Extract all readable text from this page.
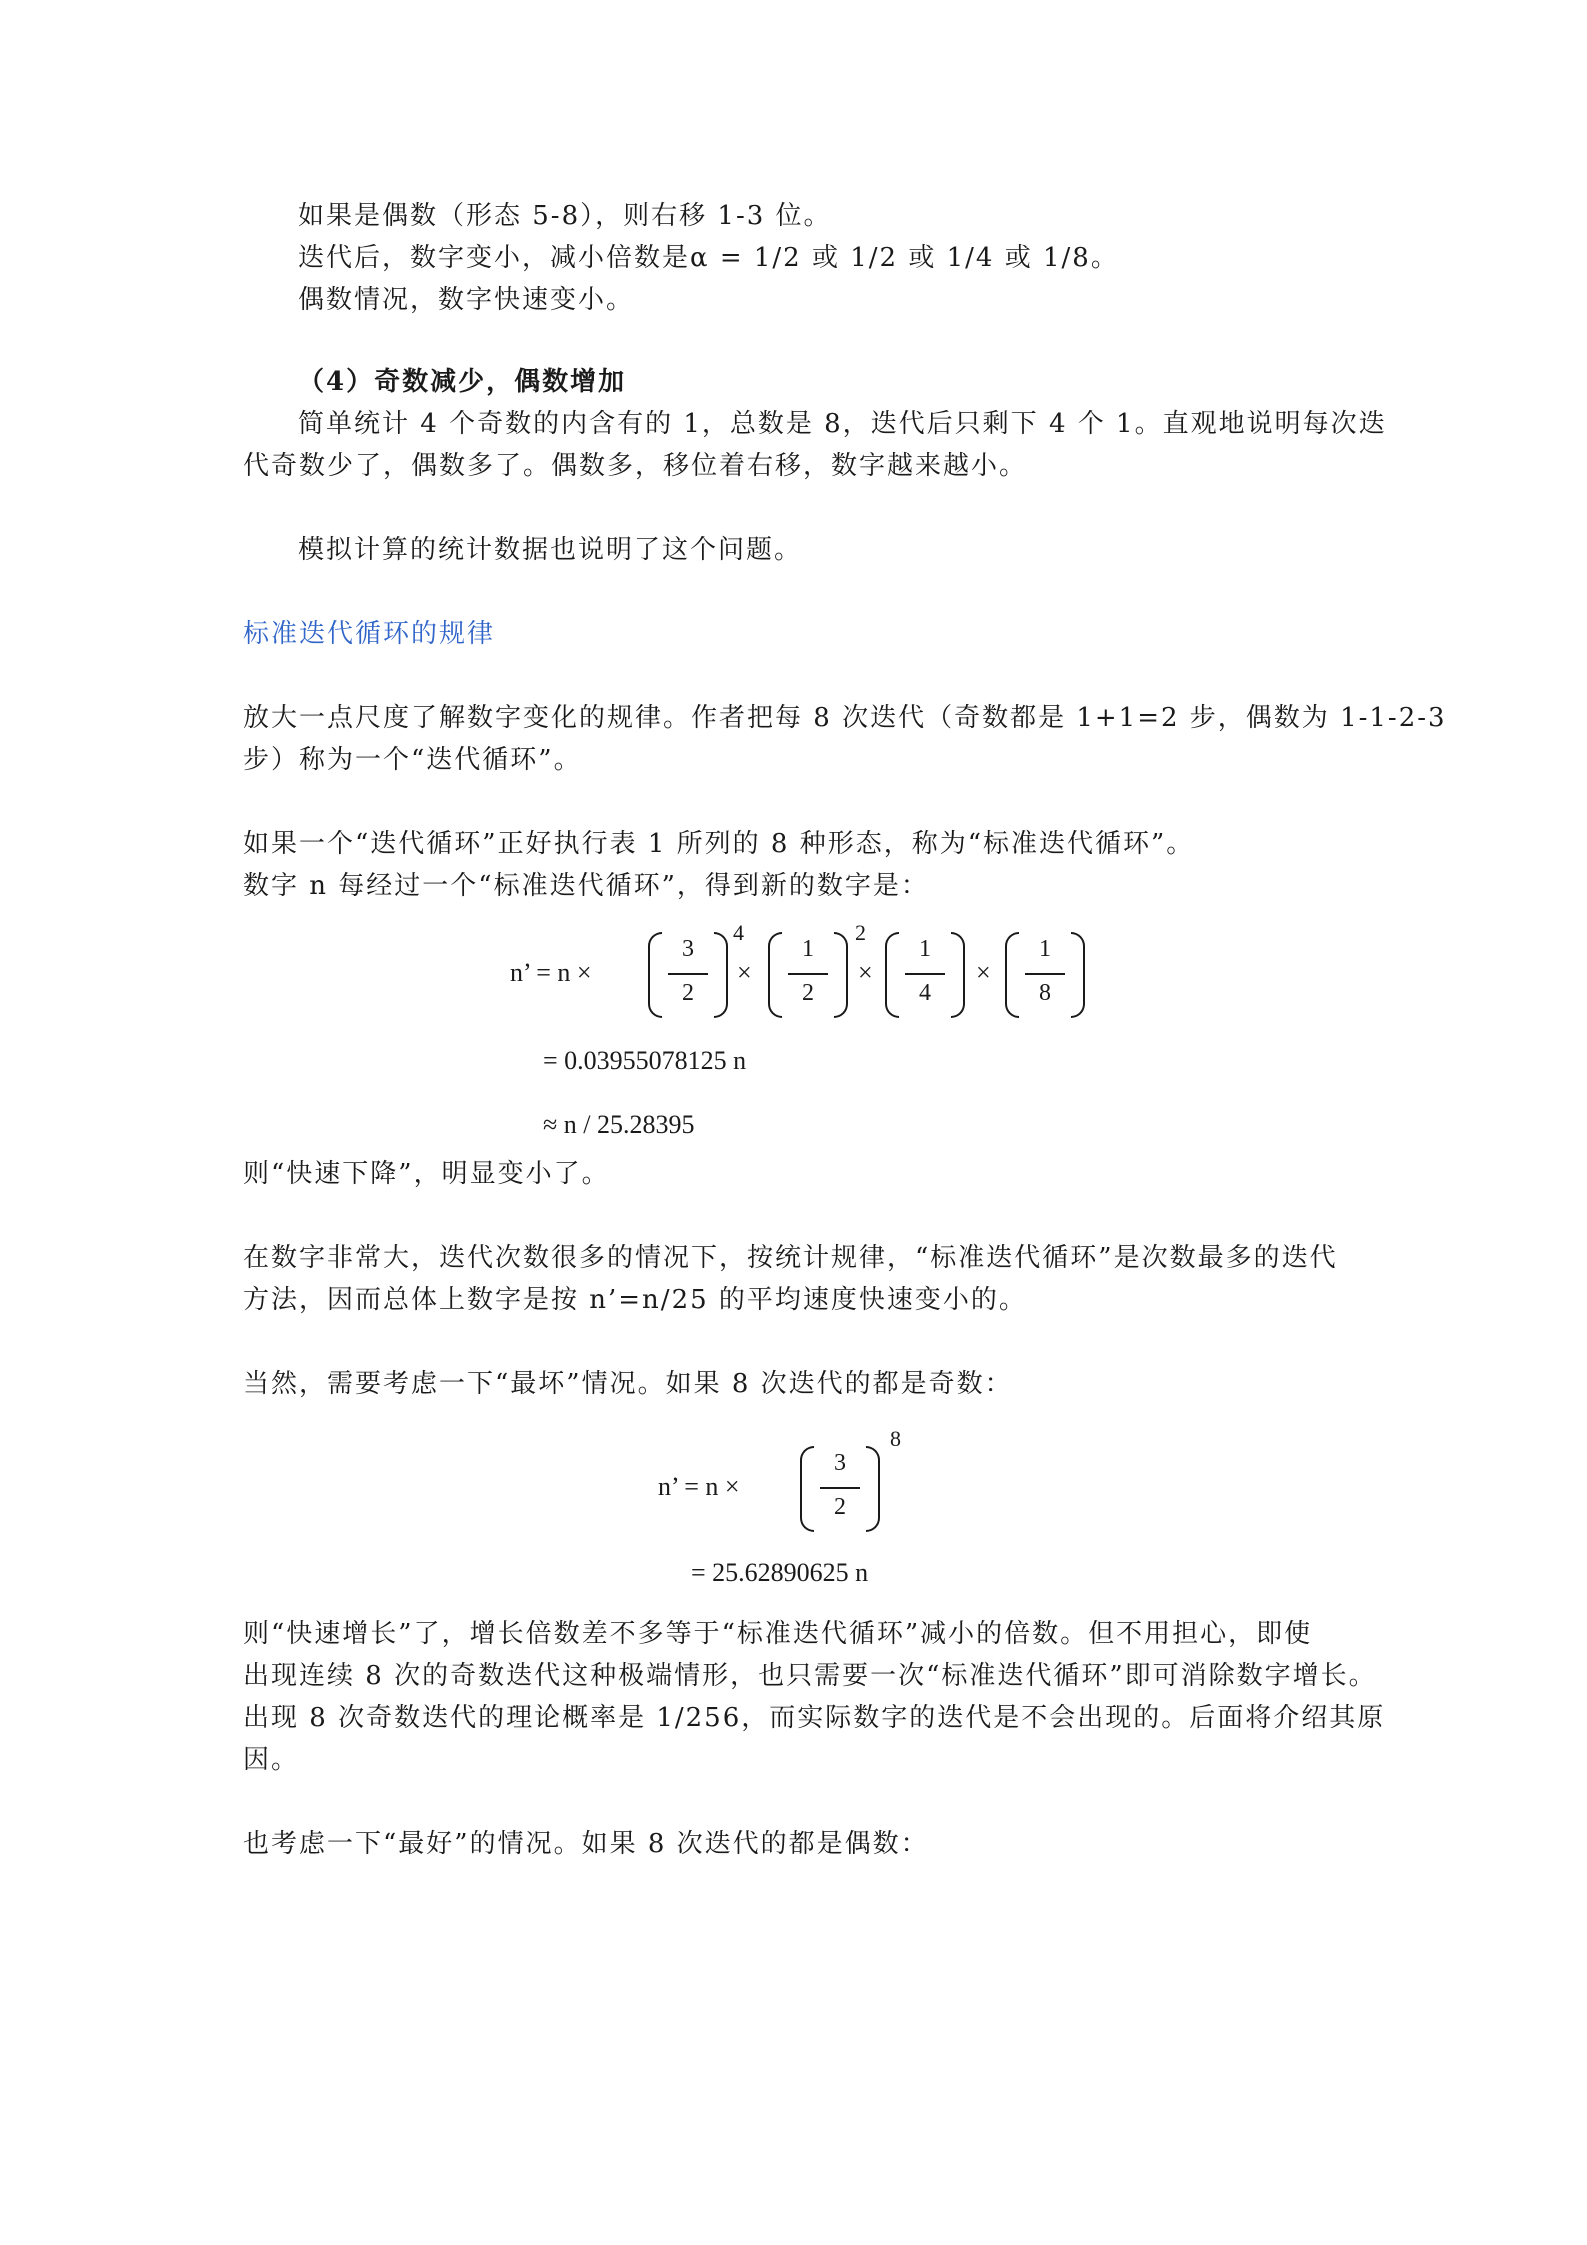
如果是偶数（形态 5-8），则右移 1-3 位。
迭代后，数字变小，减小倍数是α = 1/2 或 1/2 或 1/4 或 1/8。
偶数情况，数字快速变小。
（4）奇数减少，偶数增加
简单统计 4 个奇数的内含有的 1，总数是 8，迭代后只剩下 4 个 1。直观地说明每次迭
代奇数少了，偶数多了。偶数多，移位着右移，数字越来越小。
模拟计算的统计数据也说明了这个问题。
标准迭代循环的规律
放大一点尺度了解数字变化的规律。作者把每 8 次迭代（奇数都是 1+1=2 步，偶数为 1-1-2-3
步）称为一个“迭代循环”。
如果一个“迭代循环”正好执行表 1 所列的 8 种形态，称为“标准迭代循环”。
数字 n 每经过一个“标准迭代循环”，得到新的数字是：
n’ = n ×
3
2
4
×
1
2
2
×
1
4
×
1
8
= 0.03955078125 n
≈ n / 25.28395
则“快速下降”，明显变小了。
在数字非常大，迭代次数很多的情况下，按统计规律，“标准迭代循环”是次数最多的迭代
方法，因而总体上数字是按 n’=n/25 的平均速度快速变小的。
当然，需要考虑一下“最坏”情况。如果 8 次迭代的都是奇数：
n’ = n ×
3
2
8
= 25.62890625 n
则“快速增长”了，增长倍数差不多等于“标准迭代循环”减小的倍数。但不用担心，即使
出现连续 8 次的奇数迭代这种极端情形，也只需要一次“标准迭代循环”即可消除数字增长。
出现 8 次奇数迭代的理论概率是 1/256，而实际数字的迭代是不会出现的。后面将介绍其原
因。
也考虑一下“最好”的情况。如果 8 次迭代的都是偶数：
